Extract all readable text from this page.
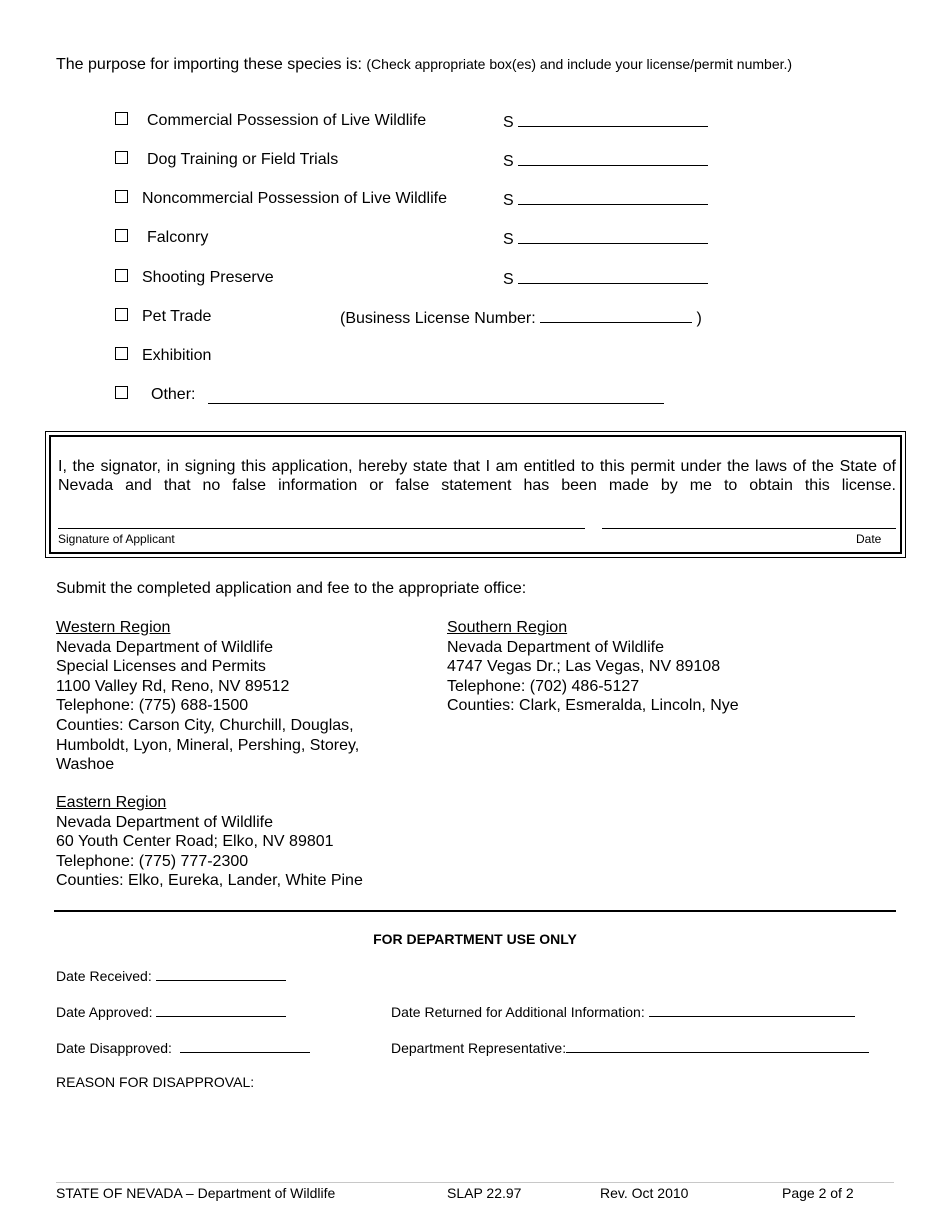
The purpose for importing these species is: (Check appropriate box(es) and include your license/permit number.)
Commercial Possession of Live Wildlife	S
Dog Training or Field Trials	S
Noncommercial Possession of Live Wildlife	S
Falconry	S
Shooting Preserve	S
Pet Trade	(Business License Number:	)
Exhibition
Other:
I, the signator, in signing this application, hereby state that I am entitled to this permit under the laws of the State of Nevada and that no false information or false statement has been made by me to obtain this license.
Signature of Applicant	Date
Submit the completed application and fee to the appropriate office:
Western Region
Nevada Department of Wildlife
Special Licenses and Permits
1100 Valley Rd, Reno, NV 89512
Telephone: (775) 688-1500
Counties: Carson City, Churchill, Douglas,
Humboldt, Lyon, Mineral, Pershing, Storey,
Washoe
Southern Region
Nevada Department of Wildlife
4747 Vegas Dr.; Las Vegas, NV 89108
Telephone: (702) 486-5127
Counties: Clark, Esmeralda, Lincoln, Nye
Eastern Region
Nevada Department of Wildlife
60 Youth Center Road; Elko, NV 89801
Telephone: (775) 777-2300
Counties: Elko, Eureka, Lander, White Pine
FOR DEPARTMENT USE ONLY
Date Received:
Date Approved:	Date Returned for Additional Information:
Date Disapproved:	Department Representative:
REASON FOR DISAPPROVAL:
STATE OF NEVADA – Department of Wildlife	SLAP 22.97	Rev. Oct 2010	Page 2 of 2
